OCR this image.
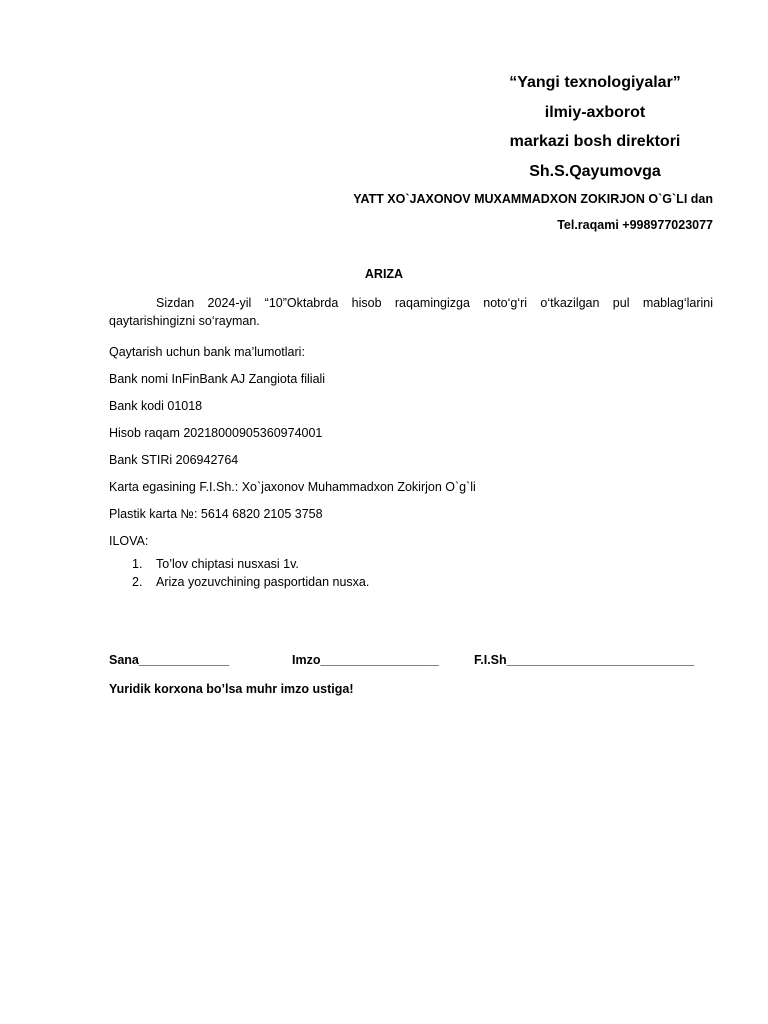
“Yangi texnologiyalar”
ilmiy-axborot
markazi bosh direktori
Sh.S.Qayumovga
YATT XO`JAXONOV MUXAMMADXON ZOKIRJON O`G`LI dan
Tel.raqami +998977023077
ARIZA

Sizdan 2024-yil “10”Oktabrda hisob raqamingizga noto‘g‘ri o‘tkazilgan pul mablag‘larini qaytarishingizni so‘rayman.

Qaytarish uchun bank ma’lumotlari:

Bank nomi InFinBank AJ Zangiota filiali

Bank kodi 01018

Hisob raqam 20218000905360974001

Bank STIRi 206942764

Karta egasining F.I.Sh.: Xo`jaxonov Muhammadxon Zokirjon O`g`li

Plastik karta №: 5614 6820 2105 3758

ILOVA:

1. To’lov chiptasi nusxasi 1v.
2. Ariza yozuvchining pasportidan nusxa.
Sana_____________	Imzo_________________	F.I.Sh___________________________
Yuridik korxona bo’lsa muhr imzo ustiga!
